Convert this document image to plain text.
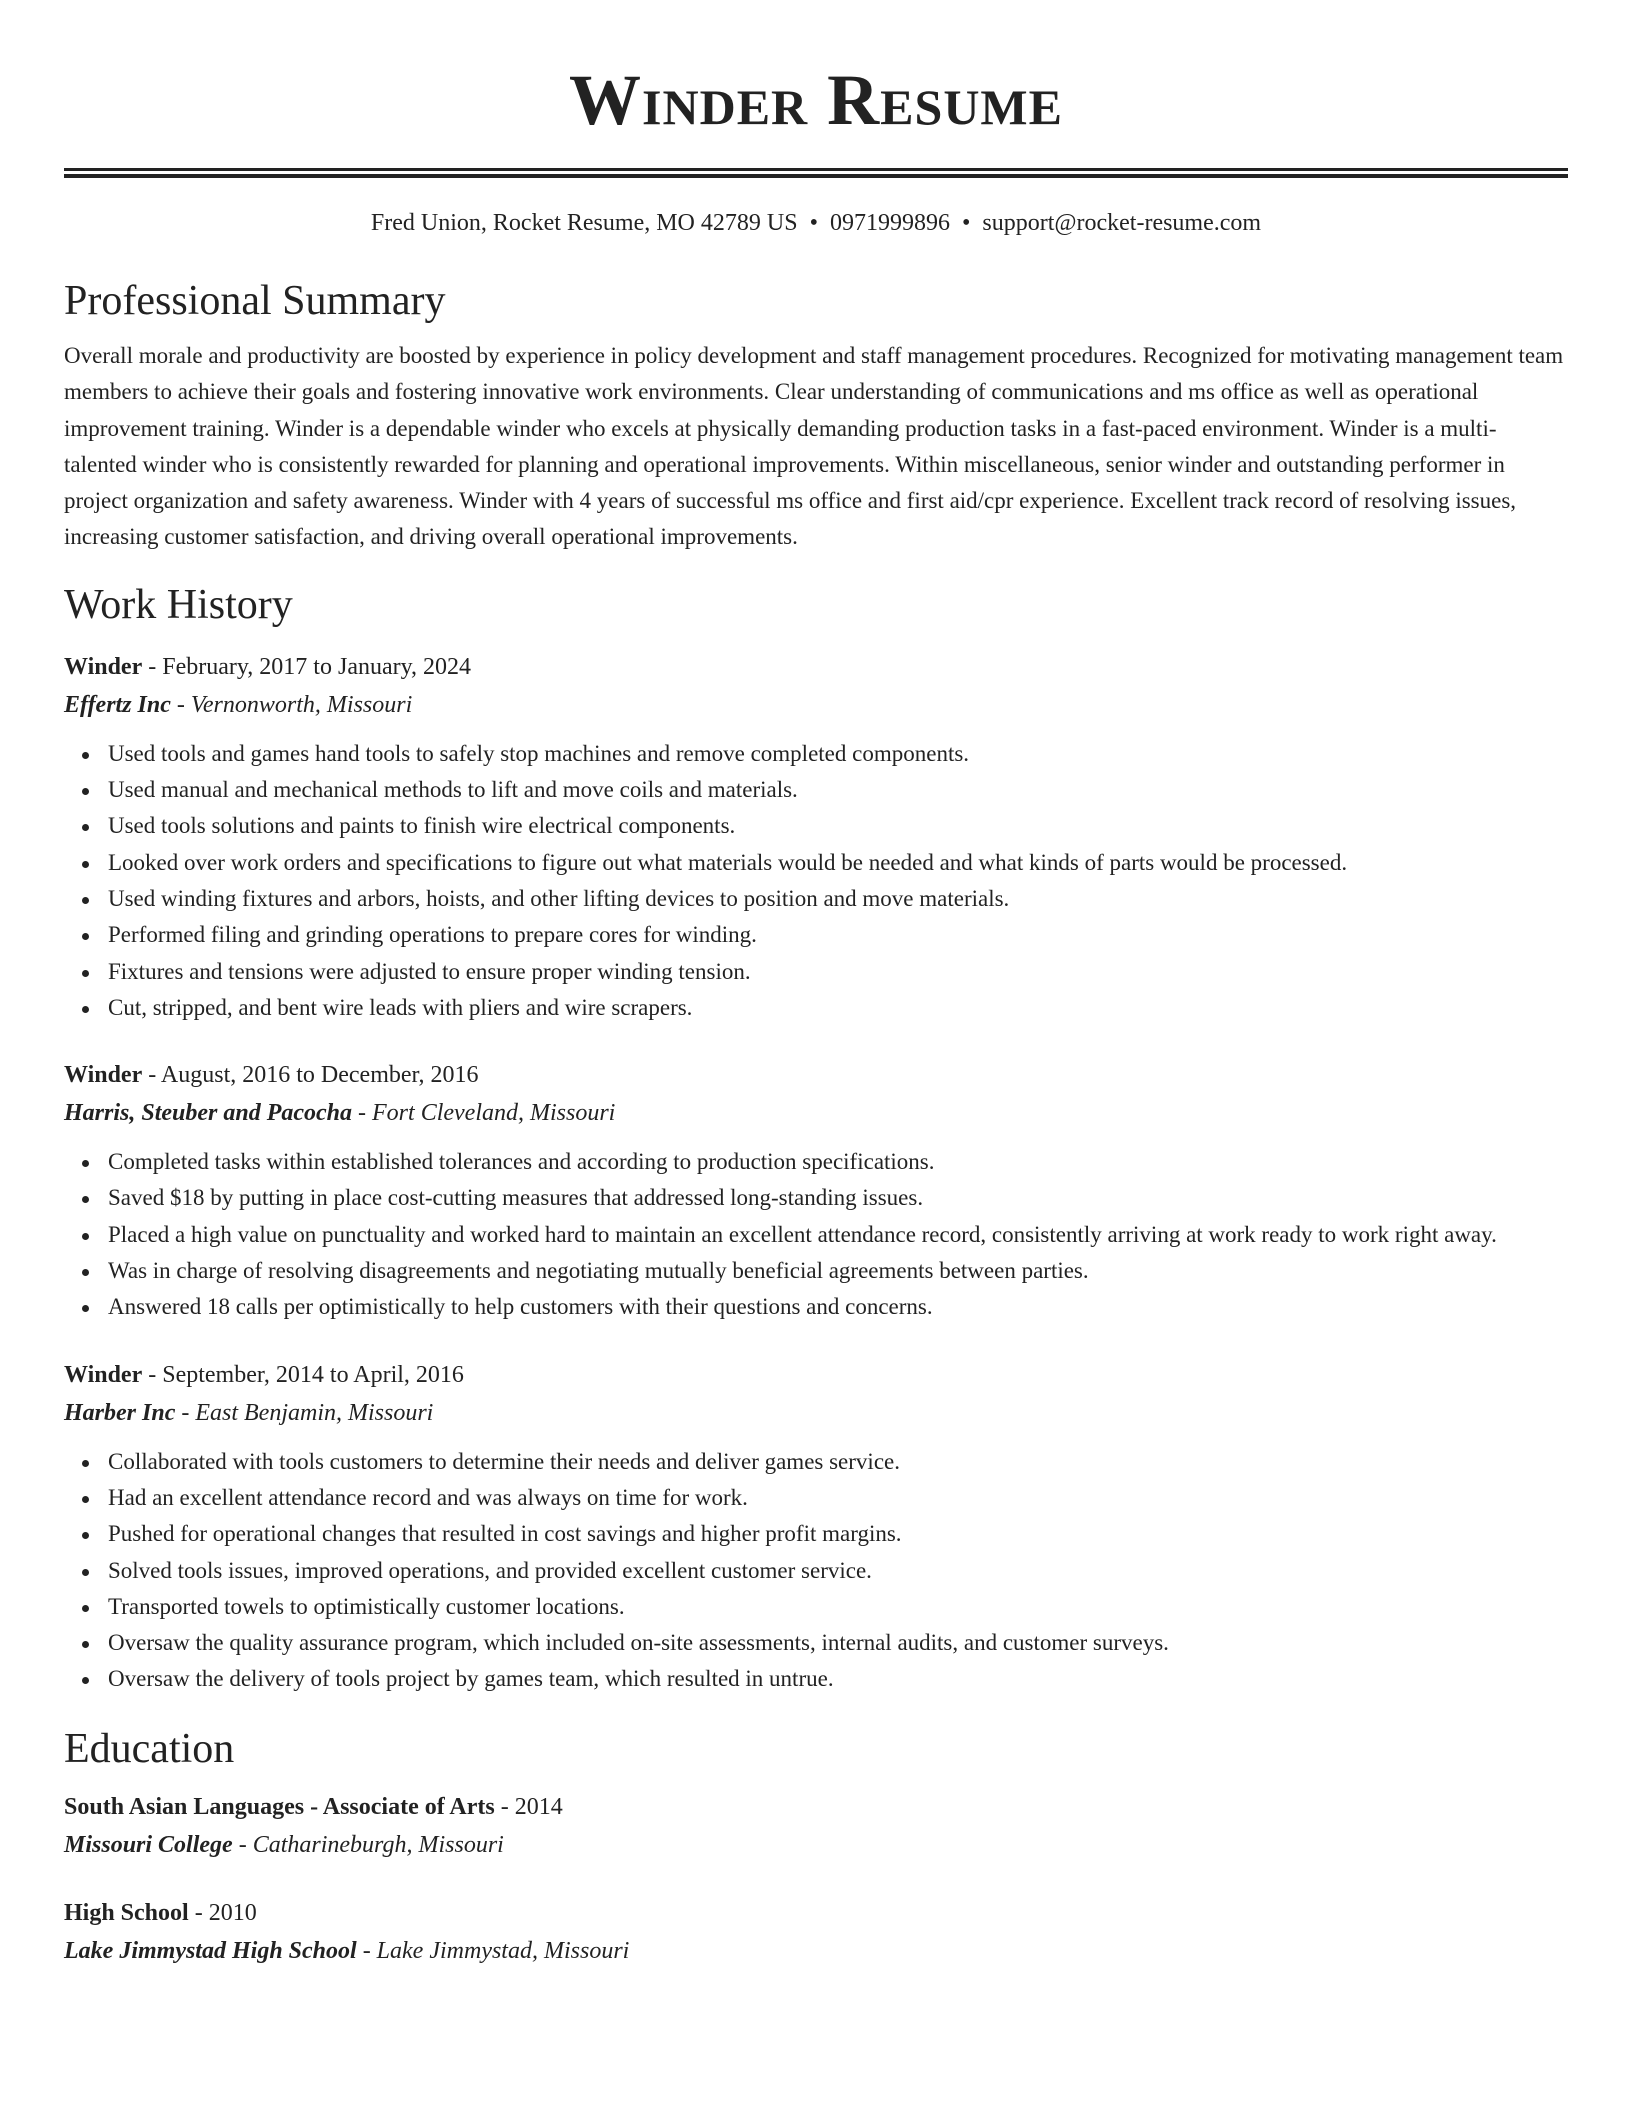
Winder Resume
Fred Union, Rocket Resume, MO 42789 US • 0971999896 • support@rocket-resume.com
Professional Summary
Overall morale and productivity are boosted by experience in policy development and staff management procedures. Recognized for motivating management team members to achieve their goals and fostering innovative work environments. Clear understanding of communications and ms office as well as operational improvement training. Winder is a dependable winder who excels at physically demanding production tasks in a fast-paced environment. Winder is a multi-talented winder who is consistently rewarded for planning and operational improvements. Within miscellaneous, senior winder and outstanding performer in project organization and safety awareness. Winder with 4 years of successful ms office and first aid/cpr experience. Excellent track record of resolving issues, increasing customer satisfaction, and driving overall operational improvements.
Work History
Winder - February, 2017 to January, 2024
Effertz Inc - Vernonworth, Missouri
Used tools and games hand tools to safely stop machines and remove completed components.
Used manual and mechanical methods to lift and move coils and materials.
Used tools solutions and paints to finish wire electrical components.
Looked over work orders and specifications to figure out what materials would be needed and what kinds of parts would be processed.
Used winding fixtures and arbors, hoists, and other lifting devices to position and move materials.
Performed filing and grinding operations to prepare cores for winding.
Fixtures and tensions were adjusted to ensure proper winding tension.
Cut, stripped, and bent wire leads with pliers and wire scrapers.
Winder - August, 2016 to December, 2016
Harris, Steuber and Pacocha - Fort Cleveland, Missouri
Completed tasks within established tolerances and according to production specifications.
Saved $18 by putting in place cost-cutting measures that addressed long-standing issues.
Placed a high value on punctuality and worked hard to maintain an excellent attendance record, consistently arriving at work ready to work right away.
Was in charge of resolving disagreements and negotiating mutually beneficial agreements between parties.
Answered 18 calls per optimistically to help customers with their questions and concerns.
Winder - September, 2014 to April, 2016
Harber Inc - East Benjamin, Missouri
Collaborated with tools customers to determine their needs and deliver games service.
Had an excellent attendance record and was always on time for work.
Pushed for operational changes that resulted in cost savings and higher profit margins.
Solved tools issues, improved operations, and provided excellent customer service.
Transported towels to optimistically customer locations.
Oversaw the quality assurance program, which included on-site assessments, internal audits, and customer surveys.
Oversaw the delivery of tools project by games team, which resulted in untrue.
Education
South Asian Languages - Associate of Arts - 2014
Missouri College - Catharineburgh, Missouri
High School - 2010
Lake Jimmystad High School - Lake Jimmystad, Missouri
